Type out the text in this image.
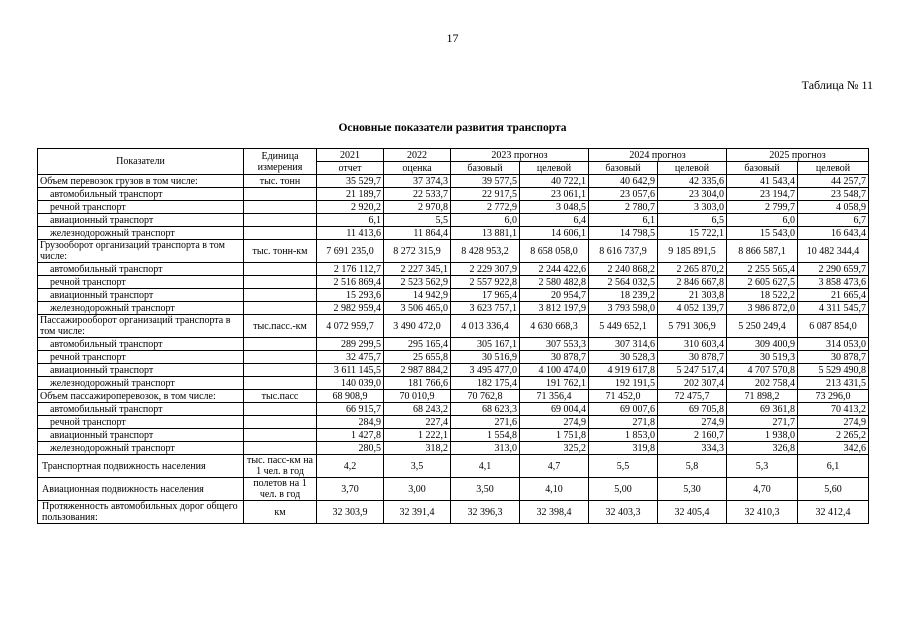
17
Таблица № 11
Основные показатели развития транспорта
Показатели	Единица измерения	2021	2022	2023 прогноз		2024 прогноз		2025 прогноз	
		отчет	оценка	базовый	целевой	базовый	целевой	базовый	целевой
Объем перевозок грузов в том числе:	тыс. тонн	35 529,7	37 374,3	39 577,5	40 722,1	40 642,9	42 335,6	41 543,4	44 257,7
автомобильный транспорт		21 189,7	22 533,7	22 917,5	23 061,1	23 057,6	23 304,0	23 194,7	23 548,7
речной транспорт		2 920,2	2 970,8	2 772,9	3 048,5	2 780,7	3 303,0	2 799,7	4 058,9
авиационный транспорт		6,1	5,5	6,0	6,4	6,1	6,5	6,0	6,7
железнодорожный транспорт		11 413,6	11 864,4	13 881,1	14 606,1	14 798,5	15 722,1	15 543,0	16 643,4
Грузооборот организаций транспорта в том числе:	тыс. тонн-км	7 691 235,0	8 272 315,9	8 428 953,2	8 658 058,0	8 616 737,9	9 185 891,5	8 866 587,1	10 482 344,4
автомобильный транспорт		2 176 112,7	2 227 345,1	2 229 307,9	2 244 422,6	2 240 868,2	2 265 870,2	2 255 565,4	2 290 659,7
речной транспорт		2 516 869,4	2 523 562,9	2 557 922,8	2 580 482,8	2 564 032,5	2 846 667,8	2 605 627,5	3 858 473,6
авиационный транспорт		15 293,6	14 942,9	17 965,4	20 954,7	18 239,2	21 303,8	18 522,2	21 665,4
железнодорожный транспорт		2 982 959,4	3 506 465,0	3 623 757,1	3 812 197,9	3 793 598,0	4 052 139,7	3 986 872,0	4 311 545,7
Пассажирооборот организаций транспорта в том числе:	тыс.пасс.-км	4 072 959,7	3 490 472,0	4 013 336,4	4 630 668,3	5 449 652,1	5 791 306,9	5 250 249,4	6 087 854,0
автомобильный транспорт		289 299,5	295 165,4	305 167,1	307 553,3	307 314,6	310 603,4	309 400,9	314 053,0
речной транспорт		32 475,7	25 655,8	30 516,9	30 878,7	30 528,3	30 878,7	30 519,3	30 878,7
авиационный транспорт		3 611 145,5	2 987 884,2	3 495 477,0	4 100 474,0	4 919 617,8	5 247 517,4	4 707 570,8	5 529 490,8
железнодорожный транспорт		140 039,0	181 766,6	182 175,4	191 762,1	192 191,5	202 307,4	202 758,4	213 431,5
Объем пассажироперевозок, в том числе:	тыс.пасс	68 908,9	70 010,9	70 762,8	71 356,4	71 452,0	72 475,7	71 898,2	73 296,0
автомобильный транспорт		66 915,7	68 243,2	68 623,3	69 004,4	69 007,6	69 705,8	69 361,8	70 413,2
речной транспорт		284,9	227,4	271,6	274,9	271,8	274,9	271,7	274,9
авиационный транспорт		1 427,8	1 222,1	1 554,8	1 751,8	1 853,0	2 160,7	1 938,0	2 265,2
железнодорожный транспорт		280,5	318,2	313,0	325,2	319,8	334,3	326,8	342,6
Транспортная подвижность населения	тыс. пасс-км на 1 чел. в год	4,2	3,5	4,1	4,7	5,5	5,8	5,3	6,1
Авиационная подвижность населения	полетов на 1 чел. в год	3,70	3,00	3,50	4,10	5,00	5,30	4,70	5,60
Протяженность автомобильных дорог общего пользования:	км	32 303,9	32 391,4	32 396,3	32 398,4	32 403,3	32 405,4	32 410,3	32 412,4
